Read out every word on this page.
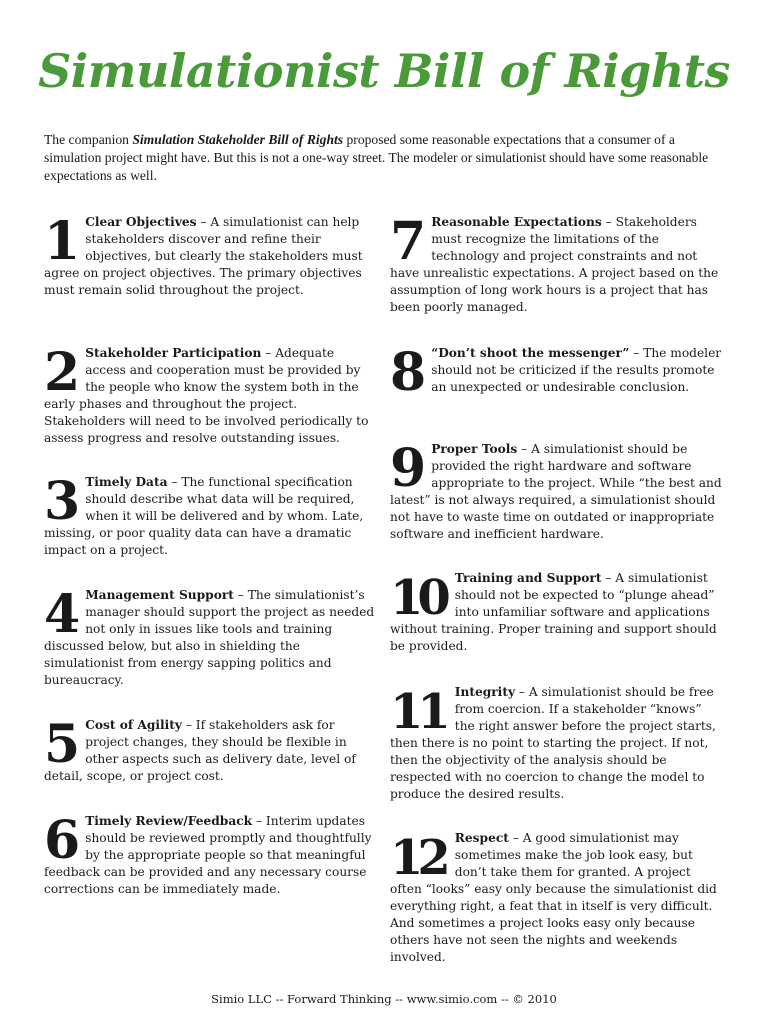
Simulationist Bill of Rights
The companion Simulation Stakeholder Bill of Rights proposed some reasonable expectations that a consumer of a simulation project might have. But this is not a one-way street. The modeler or simulationist should have some reasonable expectations as well.
1 Clear Objectives – A simulationist can help stakeholders discover and refine their objectives, but clearly the stakeholders must agree on project objectives. The primary objectives must remain solid throughout the project.
2 Stakeholder Participation – Adequate access and cooperation must be provided by the people who know the system both in the early phases and throughout the project. Stakeholders will need to be involved periodically to assess progress and resolve outstanding issues.
3 Timely Data – The functional specification should describe what data will be required, when it will be delivered and by whom. Late, missing, or poor quality data can have a dramatic impact on a project.
4 Management Support – The simulationist’s manager should support the project as needed not only in issues like tools and training discussed below, but also in shielding the simulationist from energy sapping politics and bureaucracy.
5 Cost of Agility – If stakeholders ask for project changes, they should be flexible in other aspects such as delivery date, level of detail, scope, or project cost.
6 Timely Review/Feedback – Interim updates should be reviewed promptly and thoughtfully by the appropriate people so that meaningful feedback can be provided and any necessary course corrections can be immediately made.
7 Reasonable Expectations – Stakeholders must recognize the limitations of the technology and project constraints and not have unrealistic expectations. A project based on the assumption of long work hours is a project that has been poorly managed.
8 “Don’t shoot the messenger” – The modeler should not be criticized if the results promote an unexpected or undesirable conclusion.
9 Proper Tools – A simulationist should be provided the right hardware and software appropriate to the project. While “the best and latest” is not always required, a simulationist should not have to waste time on outdated or inappropriate software and inefficient hardware.
10 Training and Support – A simulationist should not be expected to “plunge ahead” into unfamiliar software and applications without training. Proper training and support should be provided.
11 Integrity – A simulationist should be free from coercion. If a stakeholder “knows” the right answer before the project starts, then there is no point to starting the project. If not, then the objectivity of the analysis should be respected with no coercion to change the model to produce the desired results.
12 Respect – A good simulationist may sometimes make the job look easy, but don’t take them for granted. A project often “looks” easy only because the simulationist did everything right, a feat that in itself is very difficult. And sometimes a project looks easy only because others have not seen the nights and weekends involved.
Simio LLC -- Forward Thinking -- www.simio.com -- © 2010
